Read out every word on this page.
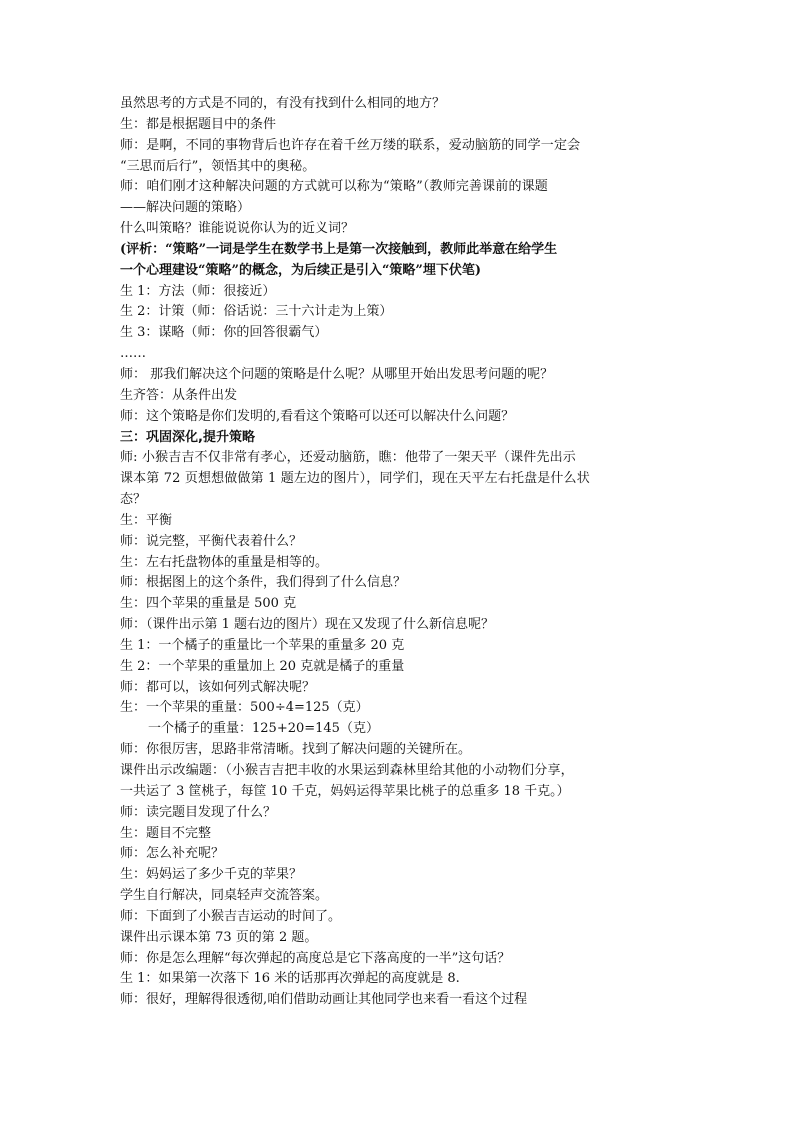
虽然思考的方式是不同的，有没有找到什么相同的地方？
生：都是根据题目中的条件
师：是啊，不同的事物背后也许存在着千丝万缕的联系，爱动脑筋的同学一定会
“三思而后行”，领悟其中的奥秘。
师：咱们刚才这种解决问题的方式就可以称为“策略”（教师完善课前的课题
——解决问题的策略）
什么叫策略？谁能说说你认为的近义词？
(评析：“策略”一词是学生在数学书上是第一次接触到，教师此举意在给学生
一个心理建设“策略”的概念，为后续正是引入“策略”埋下伏笔)
生 1：方法（师：很接近）
生 2：计策（师：俗话说：三十六计走为上策）
生 3：谋略（师：你的回答很霸气）
……
师： 那我们解决这个问题的策略是什么呢？从哪里开始出发思考问题的呢？
生齐答：从条件出发
师：这个策略是你们发明的,看看这个策略可以还可以解决什么问题？
三：巩固深化,提升策略
师: 小猴吉吉不仅非常有孝心，还爱动脑筋，瞧：他带了一架天平（课件先出示
课本第 72 页想想做做第 1 题左边的图片），同学们，现在天平左右托盘是什么状
态？
生：平衡
师：说完整，平衡代表着什么？
生：左右托盘物体的重量是相等的。
师：根据图上的这个条件，我们得到了什么信息？
生：四个苹果的重量是 500 克
师：（课件出示第 1 题右边的图片）现在又发现了什么新信息呢？
生 1：一个橘子的重量比一个苹果的重量多 20 克
生 2：一个苹果的重量加上 20 克就是橘子的重量
师：都可以，该如何列式解决呢？
生：一个苹果的重量：500÷4=125（克）
一个橘子的重量：125+20=145（克）
师：你很厉害，思路非常清晰。找到了解决问题的关键所在。
课件出示改编题：（小猴吉吉把丰收的水果运到森林里给其他的小动物们分享，
一共运了 3 筐桃子，每筐 10 千克，妈妈运得苹果比桃子的总重多 18 千克。）
师：读完题目发现了什么？
生：题目不完整
师：怎么补充呢？
生：妈妈运了多少千克的苹果？
学生自行解决，同桌轻声交流答案。
师：下面到了小猴吉吉运动的时间了。
课件出示课本第 73 页的第 2 题。
师：你是怎么理解“每次弹起的高度总是它下落高度的一半”这句话？
生 1：如果第一次落下 16 米的话那再次弹起的高度就是 8.
师：很好，理解得很透彻,咱们借助动画让其他同学也来看一看这个过程
